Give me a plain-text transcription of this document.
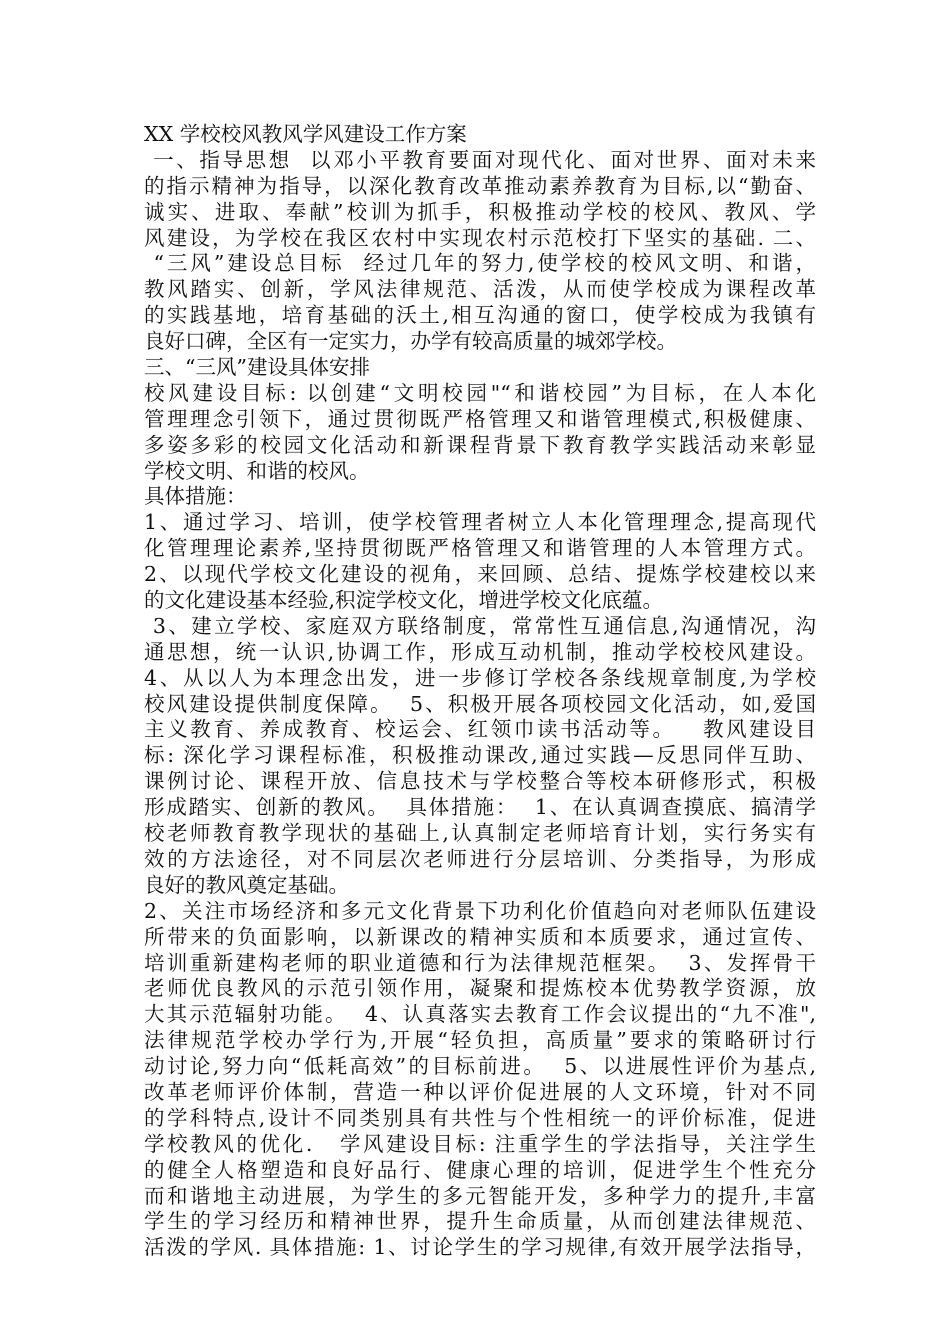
XX 学校校风教风学风建设工作方案
一、指导思想  以邓小平教育要面对现代化、面对世界、面对未来
的指示精神为指导，以深化教育改革推动素养教育为目标,以“勤奋、
诚实、进取、奉献”校训为抓手，积极推动学校的校风、教风、学
风建设，为学校在我区农村中实现农村示范校打下坚实的基础. 二、
“三风”建设总目标  经过几年的努力,使学校的校风文明、和谐，
教风踏实、创新，学风法律规范、活泼，从而使学校成为课程改革
的实践基地，培育基础的沃土,相互沟通的窗口，使学校成为我镇有
良好口碑，全区有一定实力，办学有较高质量的城郊学校。
三、“三风”建设具体安排
校风建设目标: 以创建“文明校园"“和谐校园”为目标，在人本化
管理理念引领下，通过贯彻既严格管理又和谐管理模式,积极健康、
多姿多彩的校园文化活动和新课程背景下教育教学实践活动来彰显
学校文明、和谐的校风。
具体措施：
1、通过学习、培训，使学校管理者树立人本化管理理念,提高现代
化管理理论素养,坚持贯彻既严格管理又和谐管理的人本管理方式。
2、以现代学校文化建设的视角，来回顾、总结、提炼学校建校以来
的文化建设基本经验,积淀学校文化，增进学校文化底蕴。
3、建立学校、家庭双方联络制度，常常性互通信息,沟通情况，沟
通思想，统一认识,协调工作，形成互动机制，推动学校校风建设。
4、从以人为本理念出发，进一步修订学校各条线规章制度,为学校
校风建设提供制度保障。  5、积极开展各项校园文化活动，如,爱国
主义教育、养成教育、校运会、红领巾读书活动等。   教风建设目
标: 深化学习课程标准，积极推动课改,通过实践—反思同伴互助、
课例讨论、课程开放、信息技术与学校整合等校本研修形式，积极
形成踏实、创新的教风。  具体措施：  1、在认真调查摸底、搞清学
校老师教育教学现状的基础上,认真制定老师培育计划，实行务实有
效的方法途径，对不同层次老师进行分层培训、分类指导，为形成
良好的教风奠定基础。
2、关注市场经济和多元文化背景下功利化价值趋向对老师队伍建设
所带来的负面影响，以新课改的精神实质和本质要求，通过宣传、
培训重新建构老师的职业道德和行为法律规范框架。  3、发挥骨干
老师优良教风的示范引领作用，凝聚和提炼校本优势教学资源，放
大其示范辐射功能。  4、认真落实去教育工作会议提出的“九不准",
法律规范学校办学行为,开展“轻负担，高质量”要求的策略研讨行
动讨论,努力向“低耗高效”的目标前进。  5、以进展性评价为基点,
改革老师评价体制，营造一种以评价促进展的人文环境，针对不同
的学科特点,设计不同类别具有共性与个性相统一的评价标准，促进
学校教风的优化.   学风建设目标: 注重学生的学法指导，关注学生
的健全人格塑造和良好品行、健康心理的培训，促进学生个性充分
而和谐地主动进展，为学生的多元智能开发，多种学力的提升,丰富
学生的学习经历和精神世界，提升生命质量，从而创建法律规范、
活泼的学风. 具体措施: 1、讨论学生的学习规律,有效开展学法指导，
